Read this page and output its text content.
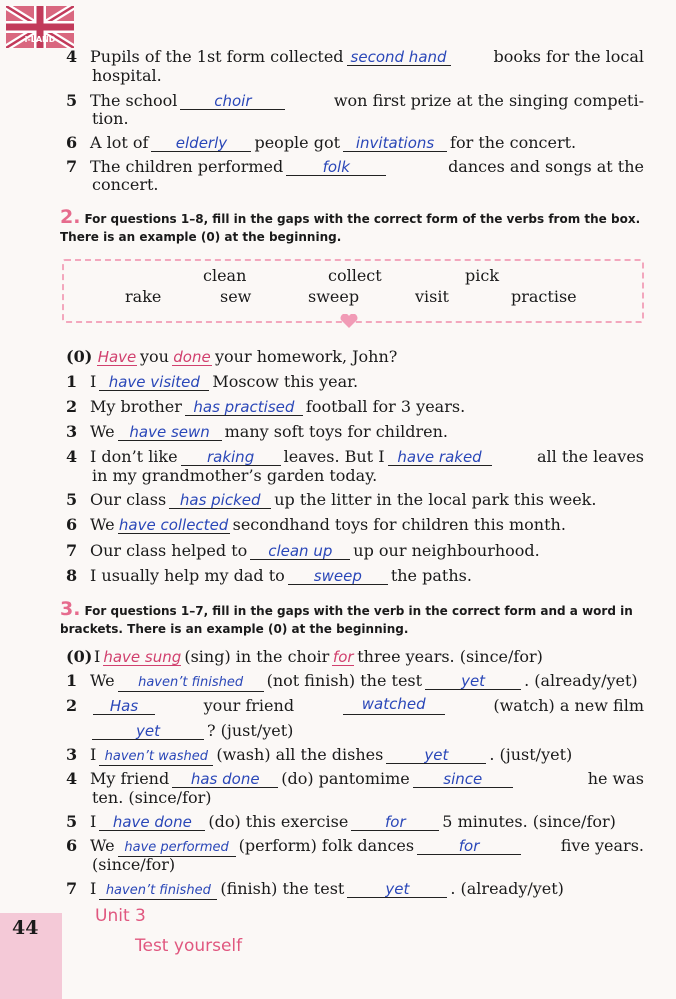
i-LAND
4 Pupils of the 1st form collected second hand	books for the local
hospital.
5 The school choir	won first prize at the singing competi-
tion.
6 A lot of elderly people got invitations for the concert.
7 The children performed	folk	dances and songs at the
concert.
2. For questions 1–8, fill in the gaps with the correct form of the verbs from the box. There is an example (0) at the beginning.
clean	collect	pick
rake	sew	sweep	visit	practise
(0) Have you done your homework, John?
1 I have visited Moscow this year.
2 My brother has practised football for 3 years.
3 We have sewn many soft toys for children.
4 I don’t like raking leaves. But I have raked	all the leaves
in my grandmother’s garden today.
5 Our class has picked up the litter in the local park this week.
6 We have collected secondhand toys for children this month.
7 Our class helped to clean up up our neighbourhood.
8 I usually help my dad to sweep the paths.
3. For questions 1–7, fill in the gaps with the verb in the correct form and a word in brackets. There is an example (0) at the beginning.
(0) I have sung (sing) in the choir for three years. (since/for)
1 We haven’t finished (not finish) the test	yet . (already/yet)
2 Has	your friend	watched	(watch) a new film
yet	? (just/yet)
3 I haven’t washed (wash) all the dishes	yet	. (just/yet)
4 My friend has done (do) pantomime since	he was
ten. (since/for)
5 I have done (do) this exercise for 5 minutes. (since/for)
6 We have performed (perform) folk dances	for	five years.
(since/for)
7 I haven’t finished (finish) the test	yet	. (already/yet)
44
Unit 3
Test yourself
